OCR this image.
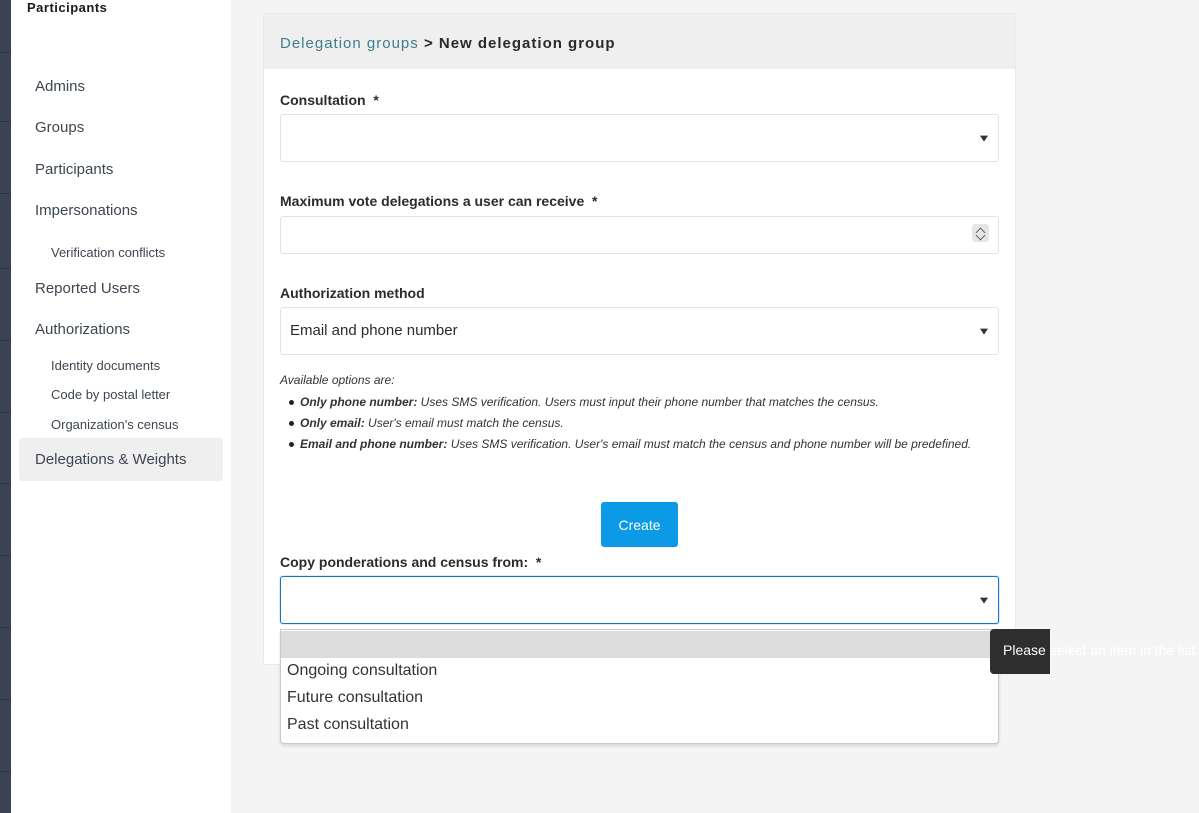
Participants
Admins
Groups
Participants
Impersonations
Verification conflicts
Reported Users
Authorizations
Identity documents
Code by postal letter
Organization's census
Delegations & Weights
Delegation groups > New delegation group
Consultation *
Maximum vote delegations a user can receive *
Authorization method
Email and phone number
Available options are:
Only phone number: Uses SMS verification. Users must input their phone number that matches the census.
Only email: User's email must match the census.
Email and phone number: Uses SMS verification. User's email must match the census and phone number will be predefined.
Create
Copy ponderations and census from: *
Ongoing consultation
Future consultation
Past consultation
Please select an item in the list.
